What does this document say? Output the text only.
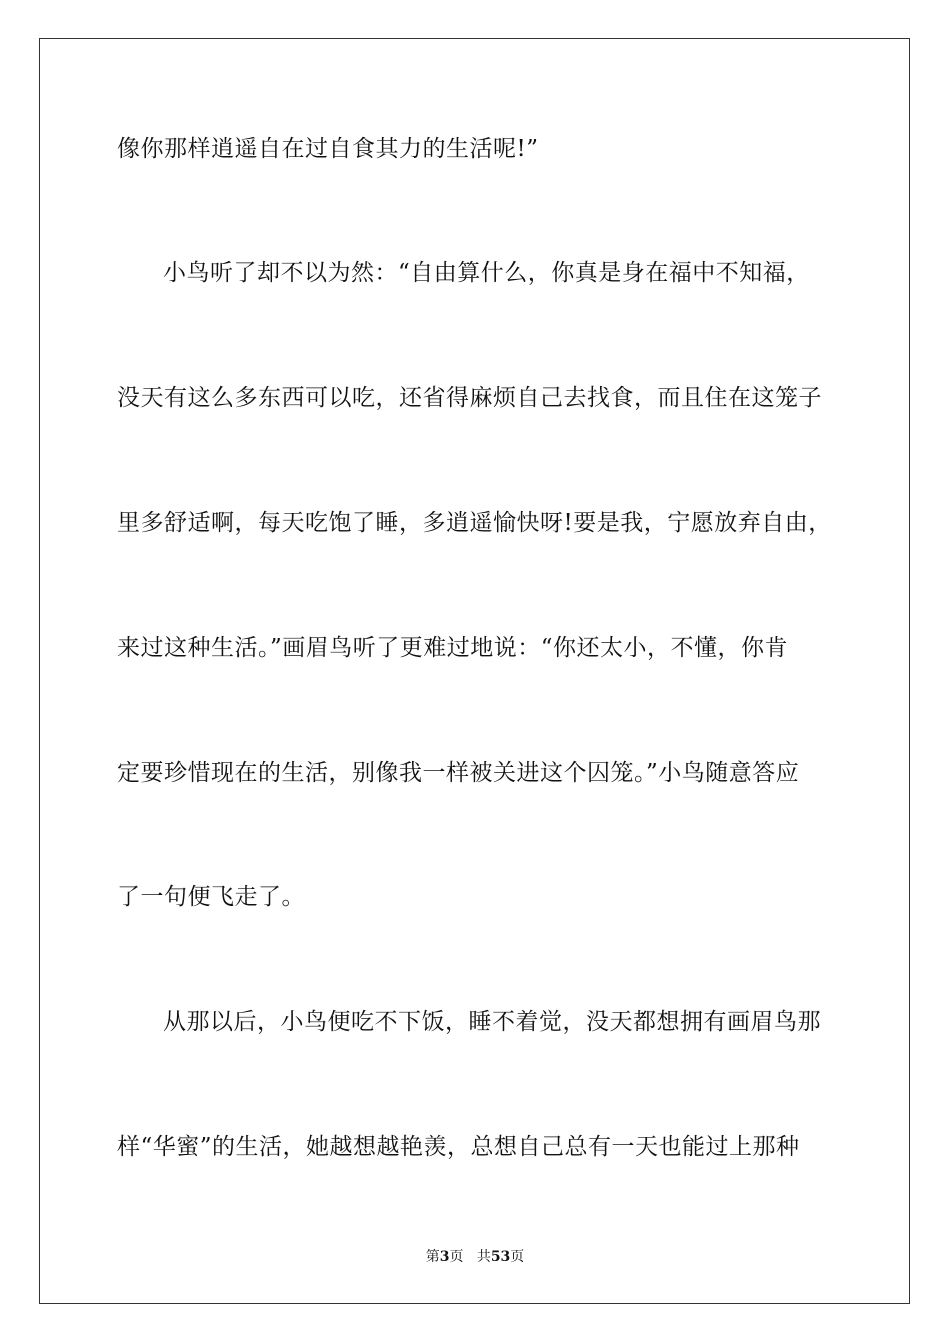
像你那样逍遥自在过自食其力的生活呢!”
小鸟听了却不以为然：“自由算什么，你真是身在福中不知福，
没天有这么多东西可以吃，还省得麻烦自己去找食，而且住在这笼子
里多舒适啊，每天吃饱了睡，多逍遥愉快呀!要是我，宁愿放弃自由，
来过这种生活。”画眉鸟听了更难过地说：“你还太小，不懂，你肯
定要珍惜现在的生活，别像我一样被关进这个囚笼。”小鸟随意答应
了一句便飞走了。
从那以后，小鸟便吃不下饭，睡不着觉，没天都想拥有画眉鸟那
样“华蜜”的生活，她越想越艳羡，总想自己总有一天也能过上那种
第3页 共53页
